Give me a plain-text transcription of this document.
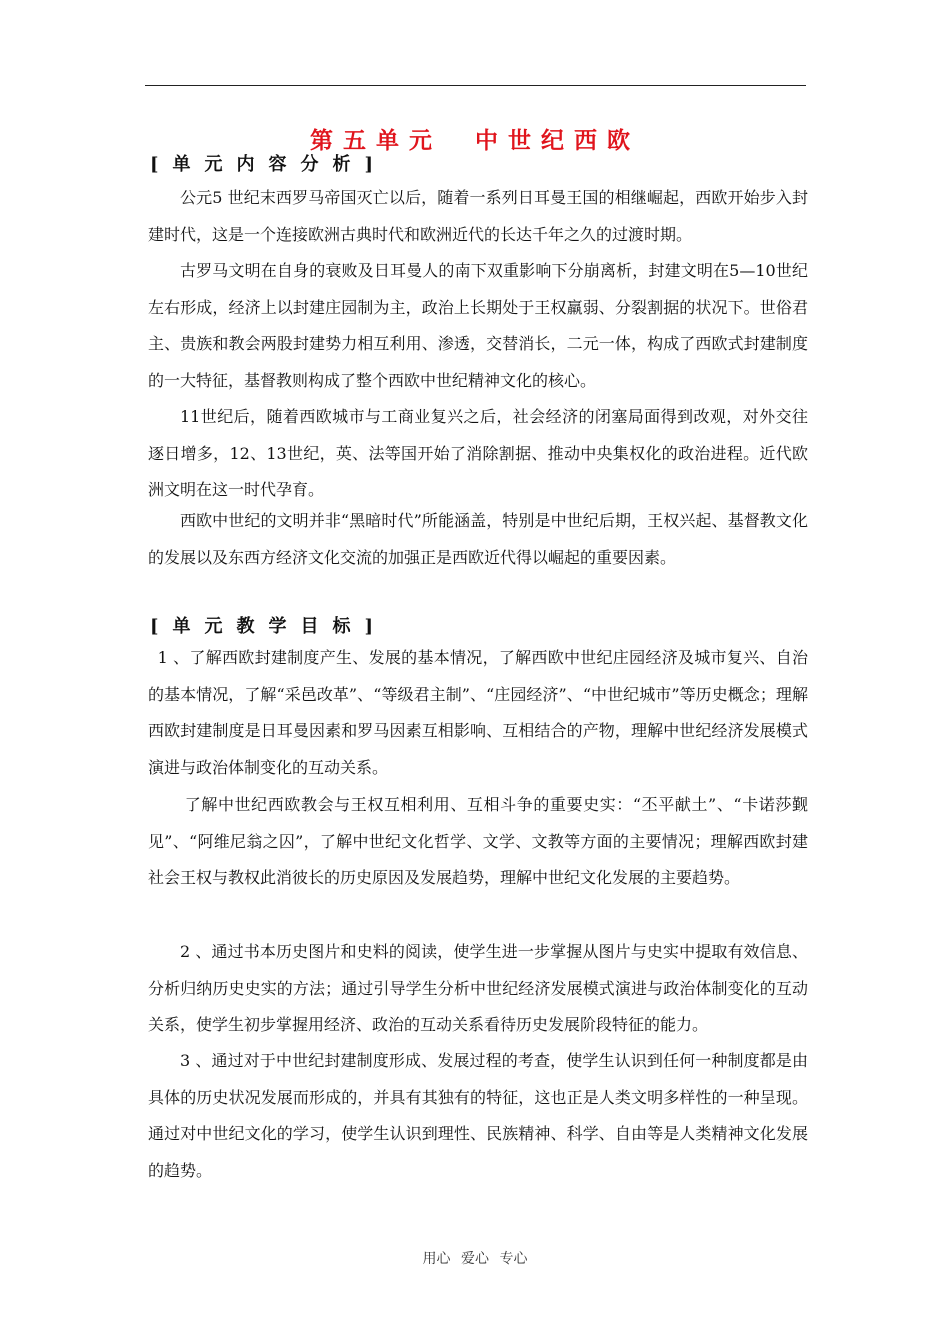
第五单元　中世纪西欧
[单元内容分析]
公元5 世纪末西罗马帝国灭亡以后，随着一系列日耳曼王国的相继崛起，西欧开始步入封建时代，这是一个连接欧洲古典时代和欧洲近代的长达千年之久的过渡时期。
古罗马文明在自身的衰败及日耳曼人的南下双重影响下分崩离析，封建文明在5—10世纪左右形成，经济上以封建庄园制为主，政治上长期处于王权羸弱、分裂割据的状况下。世俗君主、贵族和教会两股封建势力相互利用、渗透，交替消长，二元一体，构成了西欧式封建制度的一大特征，基督教则构成了整个西欧中世纪精神文化的核心。
11世纪后，随着西欧城市与工商业复兴之后，社会经济的闭塞局面得到改观，对外交往逐日增多，12、13世纪，英、法等国开始了消除割据、推动中央集权化的政治进程。近代欧洲文明在这一时代孕育。
西欧中世纪的文明并非“黑暗时代”所能涵盖，特别是中世纪后期，王权兴起、基督教文化的发展以及东西方经济文化交流的加强正是西欧近代得以崛起的重要因素。
[单元教学目标]
1 、了解西欧封建制度产生、发展的基本情况，了解西欧中世纪庄园经济及城市复兴、自治的基本情况，了解“采邑改革”、“等级君主制”、“庄园经济”、“中世纪城市”等历史概念；理解西欧封建制度是日耳曼因素和罗马因素互相影响、互相结合的产物，理解中世纪经济发展模式演进与政治体制变化的互动关系。
了解中世纪西欧教会与王权互相利用、互相斗争的重要史实：“丕平献土”、“卡诺莎觐见”、“阿维尼翁之囚”，了解中世纪文化哲学、文学、文教等方面的主要情况；理解西欧封建社会王权与教权此消彼长的历史原因及发展趋势，理解中世纪文化发展的主要趋势。
2 、通过书本历史图片和史料的阅读，使学生进一步掌握从图片与史实中提取有效信息、分析归纳历史史实的方法；通过引导学生分析中世纪经济发展模式演进与政治体制变化的互动关系，使学生初步掌握用经济、政治的互动关系看待历史发展阶段特征的能力。
3 、通过对于中世纪封建制度形成、发展过程的考查，使学生认识到任何一种制度都是由具体的历史状况发展而形成的，并具有其独有的特征，这也正是人类文明多样性的一种呈现。通过对中世纪文化的学习，使学生认识到理性、民族精神、科学、自由等是人类精神文化发展的趋势。
用心 爱心 专心
